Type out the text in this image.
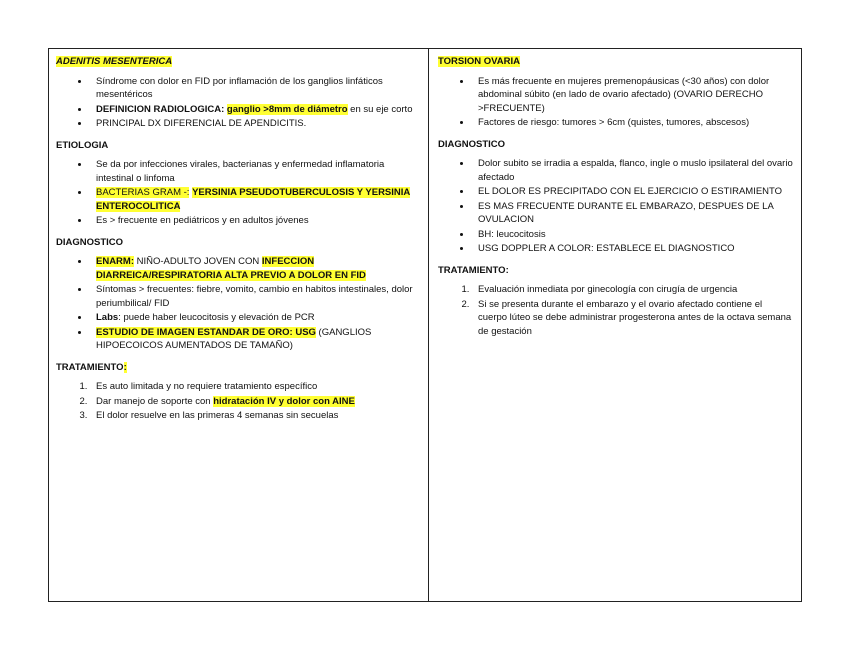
ADENITIS MESENTERICA
• Síndrome con dolor en FID por inflamación de los ganglios linfáticos mesentéricos
• DEFINICION RADIOLOGICA: ganglio >8mm de diámetro en su eje corto
• PRINCIPAL DX DIFERENCIAL DE APENDICITIS.
ETIOLOGIA
• Se da por infecciones virales, bacterianas y enfermedad inflamatoria intestinal o linfoma
• BACTERIAS GRAM -: YERSINIA PSEUDOTUBERCULOSIS Y YERSINIA ENTEROCOLITICA
• Es > frecuente en pediátricos y en adultos jóvenes
DIAGNOSTICO
• ENARM: NIÑO-ADULTO JOVEN CON INFECCION DIARREICA/RESPIRATORIA ALTA PREVIO A DOLOR EN FID
• Síntomas > frecuentes: fiebre, vomito, cambio en habitos intestinales, dolor periumbilical/ FID
• Labs: puede haber leucocitosis y elevación de PCR
• ESTUDIO DE IMAGEN ESTANDAR DE ORO: USG (GANGLIOS HIPOECOICOS AUMENTADOS DE TAMAÑO)
TRATAMIENTO:
1. Es auto limitada y no requiere tratamiento específico
2. Dar manejo de soporte con hidratación IV y dolor con AINE
3. El dolor resuelve en las primeras 4 semanas sin secuelas
TORSION OVARIA
• Es más frecuente en mujeres premenopáusicas (<30 años) con dolor abdominal súbito (en lado de ovario afectado) (OVARIO DERECHO >FRECUENTE)
• Factores de riesgo: tumores > 6cm (quistes, tumores, abscesos)
DIAGNOSTICO
• Dolor subito se irradia a espalda, flanco, ingle o muslo ipsilateral del ovario afectado
• EL DOLOR ES PRECIPITADO CON EL EJERCICIO O ESTIRAMIENTO
• ES MAS FRECUENTE DURANTE EL EMBARAZO, DESPUES DE LA OVULACION
• BH: leucocitosis
• USG DOPPLER A COLOR: ESTABLECE EL DIAGNOSTICO
TRATAMIENTO:
1. Evaluación inmediata por ginecología con cirugía de urgencia
2. Si se presenta durante el embarazo y el ovario afectado contiene el cuerpo lúteo se debe administrar progesterona antes de la octava semana de gestación
